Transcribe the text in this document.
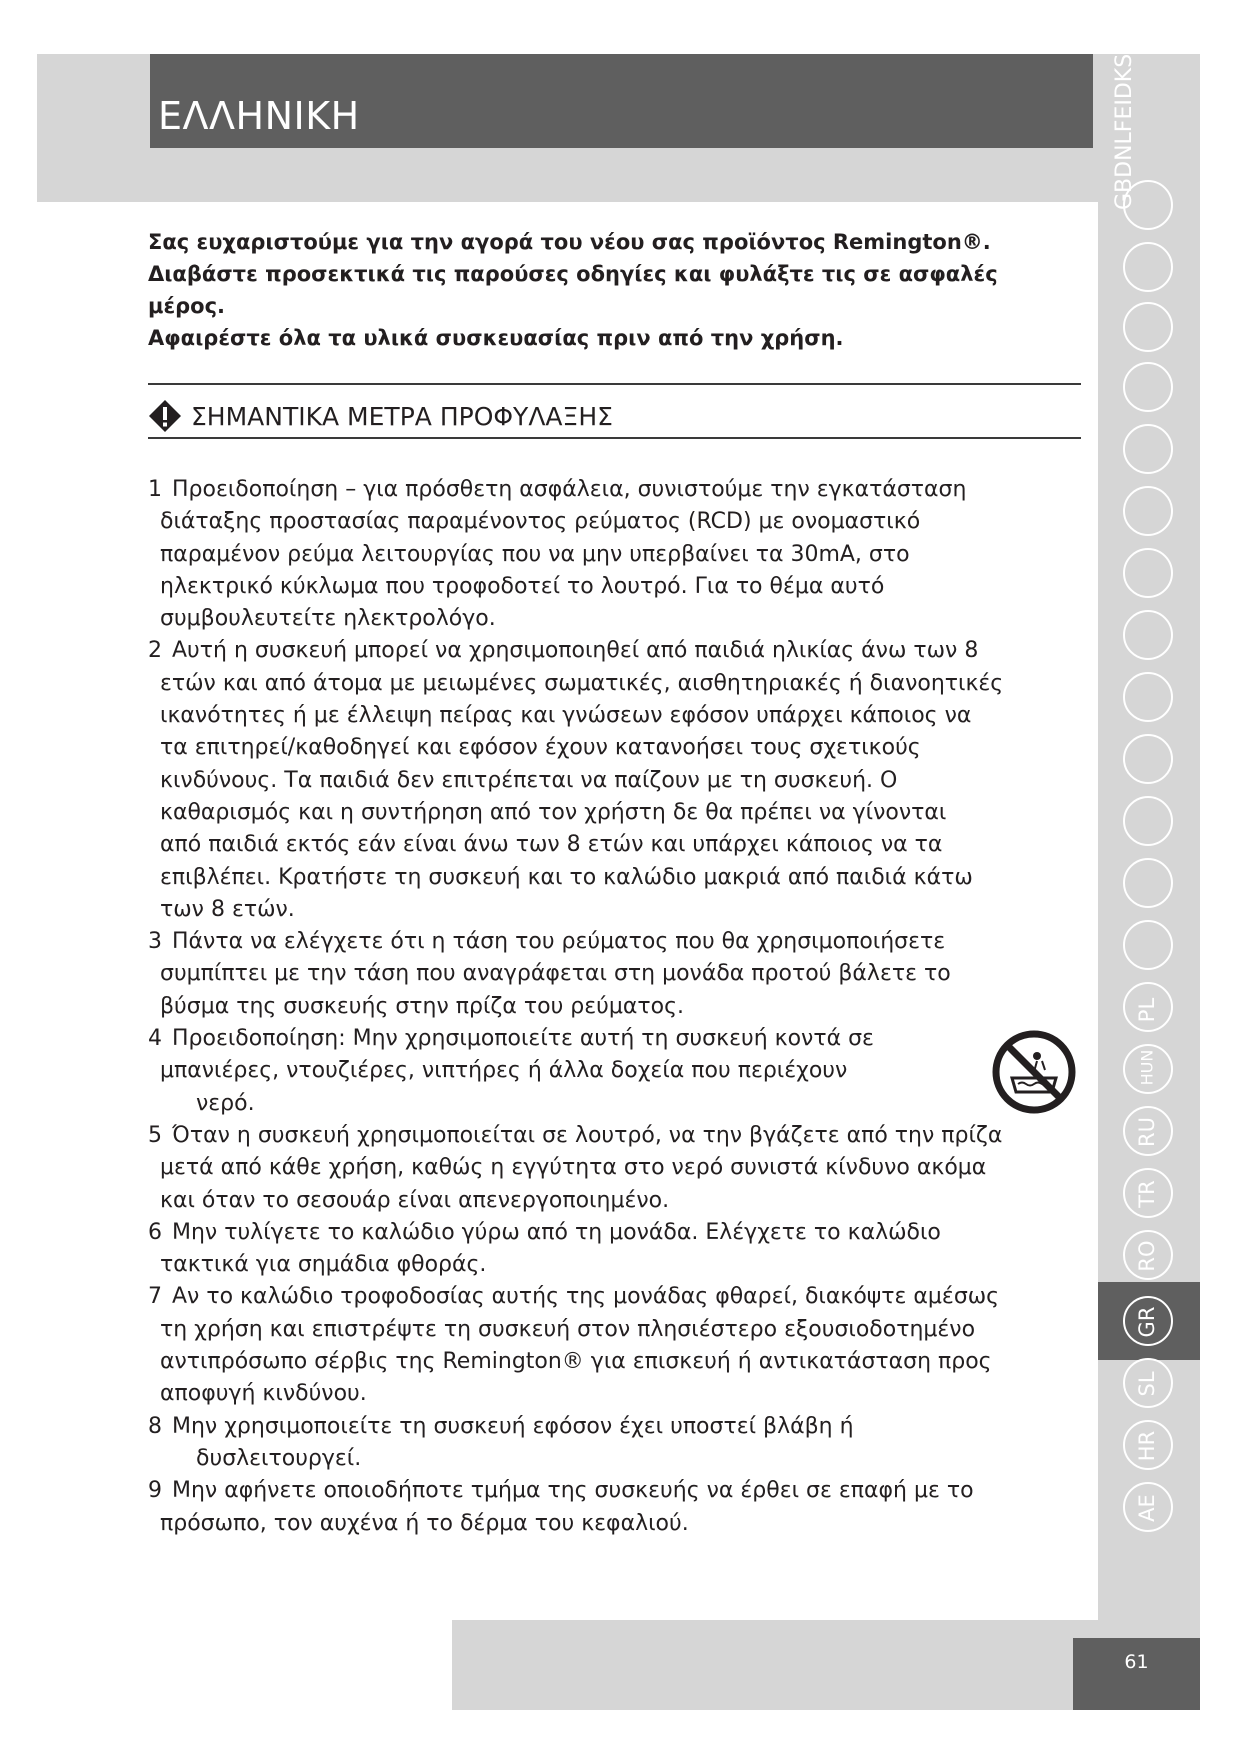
ΕΛΛΗΝΙΚΗ
61

Σας ευχαριστούμε για την αγορά του νέου σας προϊόντος Remington®.

Διαβάστε προσεκτικά τις παρούσες οδηγίες και φυλάξτε τις σε ασφαλές

μέρος.

Αφαιρέστε όλα τα υλικά συσκευασίας πριν από την χρήση.

ΣΗΜΑΝΤΙΚΑ ΜΕΤΡΑ ΠΡΟΦΥΛΑΞΗΣ
1 Προειδοποίηση – για πρόσθετη ασφάλεια, συνιστούμε την εγκατάσταση
διάταξης προστασίας παραμένοντος ρεύματος (RCD) με ονομαστικό
παραμένον ρεύμα λειτουργίας που να μην υπερβαίνει τα 30mA, στο
ηλεκτρικό κύκλωμα που τροφοδοτεί το λουτρό. Για το θέμα αυτό
συμβουλευτείτε ηλεκτρολόγο.
2 Αυτή η συσκευή μπορεί να χρησιμοποιηθεί από παιδιά ηλικίας άνω των 8
ετών και από άτομα με μειωμένες σωματικές, αισθητηριακές ή διανοητικές
ικανότητες ή με έλλειψη πείρας και γνώσεων εφόσον υπάρχει κάποιος να
τα επιτηρεί/καθοδηγεί και εφόσον έχουν κατανοήσει τους σχετικούς
κινδύνους. Τα παιδιά δεν επιτρέπεται να παίζουν με τη συσκευή. Ο
καθαρισμός και η συντήρηση από τον χρήστη δε θα πρέπει να γίνονται
από παιδιά εκτός εάν είναι άνω των 8 ετών και υπάρχει κάποιος να τα
επιβλέπει. Κρατήστε τη συσκευή και το καλώδιο μακριά από παιδιά κάτω
των 8 ετών.
3 Πάντα να ελέγχετε ότι η τάση του ρεύματος που θα χρησιμοποιήσετε
συμπίπτει με την τάση που αναγράφεται στη μονάδα προτού βάλετε το
βύσμα της συσκευής στην πρίζα του ρεύματος.
4 Προειδοποίηση: Μην χρησιμοποιείτε αυτή τη συσκευή κοντά σε
μπανιέρες, ντουζιέρες, νιπτήρες ή άλλα δοχεία που περιέχουν
νερό.
5 Όταν η συσκευή χρησιμοποιείται σε λουτρό, να την βγάζετε από την πρίζα
μετά από κάθε χρήση, καθώς η εγγύτητα στο νερό συνιστά κίνδυνο ακόμα
και όταν το σεσουάρ είναι απενεργοποιημένο.
6 Μην τυλίγετε το καλώδιο γύρω από τη μονάδα. Ελέγχετε το καλώδιο
τακτικά για σημάδια φθοράς.
7 Αν το καλώδιο τροφοδοσίας αυτής της μονάδας φθαρεί, διακόψτε αμέσως
τη χρήση και επιστρέψτε τη συσκευή στον πλησιέστερο εξουσιοδοτημένο
αντιπρόσωπο σέρβις της Remington® για επισκευή ή αντικατάσταση προς
αποφυγή κινδύνου.
8 Μην χρησιμοποιείτε τη συσκευή εφόσον έχει υποστεί βλάβη ή
δυσλειτουργεί.
9 Μην αφήνετε οποιοδήποτε τμήμα της συσκευής να έρθει σε επαφή με το
πρόσωπο, τον αυχένα ή το δέρμα του κεφαλιού.
GBDNLFEIDKS
PL
HUN
RU
TR
RO
GR
SL
HR
AE
